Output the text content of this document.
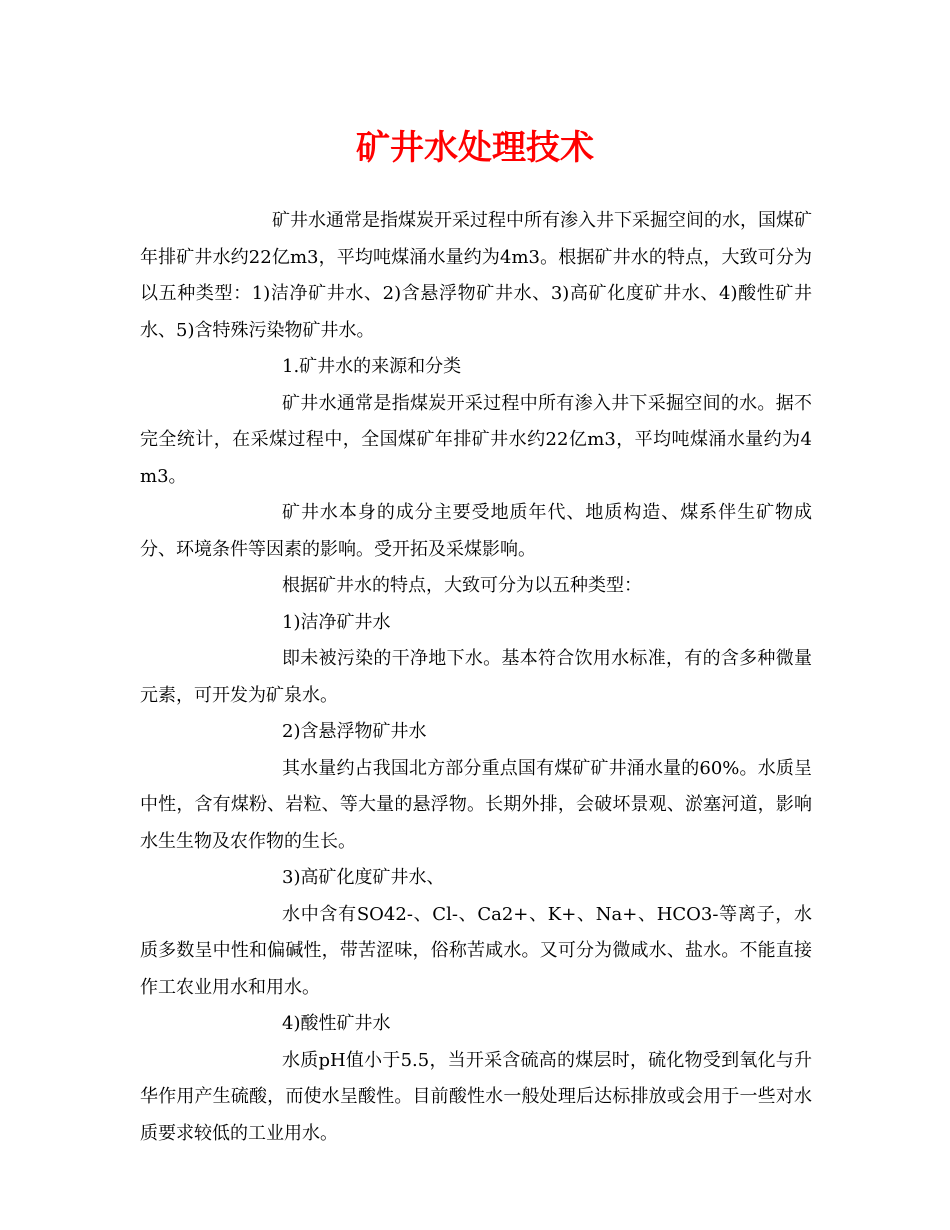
矿井水处理技术

矿井水通常是指煤炭开采过程中所有渗入井下采掘空间的水，国煤矿年排矿井水约22亿m3，平均吨煤涌水量约为4m3。根据矿井水的特点，大致可分为以五种类型：1)洁净矿井水、2)含悬浮物矿井水、3)高矿化度矿井水、4)酸性矿井水、5)含特殊污染物矿井水。

1.矿井水的来源和分类

矿井水通常是指煤炭开采过程中所有渗入井下采掘空间的水。据不完全统计，在采煤过程中，全国煤矿年排矿井水约22亿m3，平均吨煤涌水量约为4m3。

矿井水本身的成分主要受地质年代、地质构造、煤系伴生矿物成分、环境条件等因素的影响。受开拓及采煤影响。

根据矿井水的特点，大致可分为以五种类型：

1)洁净矿井水

即未被污染的干净地下水。基本符合饮用水标准，有的含多种微量元素，可开发为矿泉水。

2)含悬浮物矿井水

其水量约占我国北方部分重点国有煤矿矿井涌水量的60%。水质呈中性，含有煤粉、岩粒、等大量的悬浮物。长期外排，会破坏景观、淤塞河道，影响水生生物及农作物的生长。

3)高矿化度矿井水、

水中含有SO42-、Cl-、Ca2+、K+、Na+、HCO3-等离子，水质多数呈中性和偏碱性，带苦涩味，俗称苦咸水。又可分为微咸水、盐水。不能直接作工农业用水和用水。

4)酸性矿井水

水质pH值小于5.5，当开采含硫高的煤层时，硫化物受到氧化与升华作用产生硫酸，而使水呈酸性。目前酸性水一般处理后达标排放或会用于一些对水质要求较低的工业用水。
